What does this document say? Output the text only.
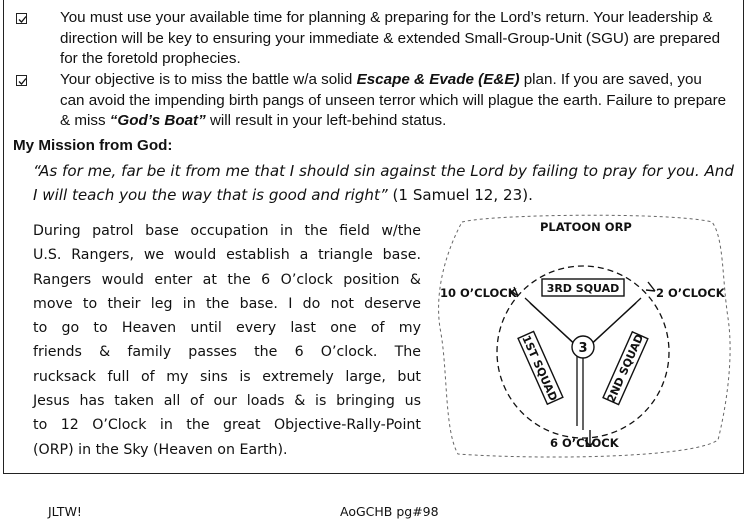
You must use your available time for planning & preparing for the Lord’s return. Your leadership & direction will be key to ensuring your immediate & extended Small-Group-Unit (SGU) are prepared for the foretold prophecies.
Your objective is to miss the battle w/a solid Escape & Evade (E&E) plan. If you are saved, you can avoid the impending birth pangs of unseen terror which will plague the earth. Failure to prepare & miss “God’s Boat” will result in your left-behind status.
My Mission from God:
“As for me, far be it from me that I should sin against the Lord by failing to pray for you. And I will teach you the way that is good and right” (1 Samuel 12, 23).
During patrol base occupation in the field w/the
U.S. Rangers, we would establish a triangle base.
Rangers would enter at the 6 O’clock position &
move to their leg in the base. I do not deserve
to go to Heaven until every last one of my
friends & family passes the 6 O’clock. The
rucksack full of my sins is extremely large, but
Jesus has taken all of our loads & is bringing us
to 12 O’Clock in the great Objective-Rally-Point
(ORP) in the Sky (Heaven on Earth).
3
3RD SQUAD
1ST SQUAD	2ND SQUAD
PLATOON ORP
10 O’CLOCK	2 O’CLOCK
6 O’CLOCK
JLTW!	AoGCHB pg#98
